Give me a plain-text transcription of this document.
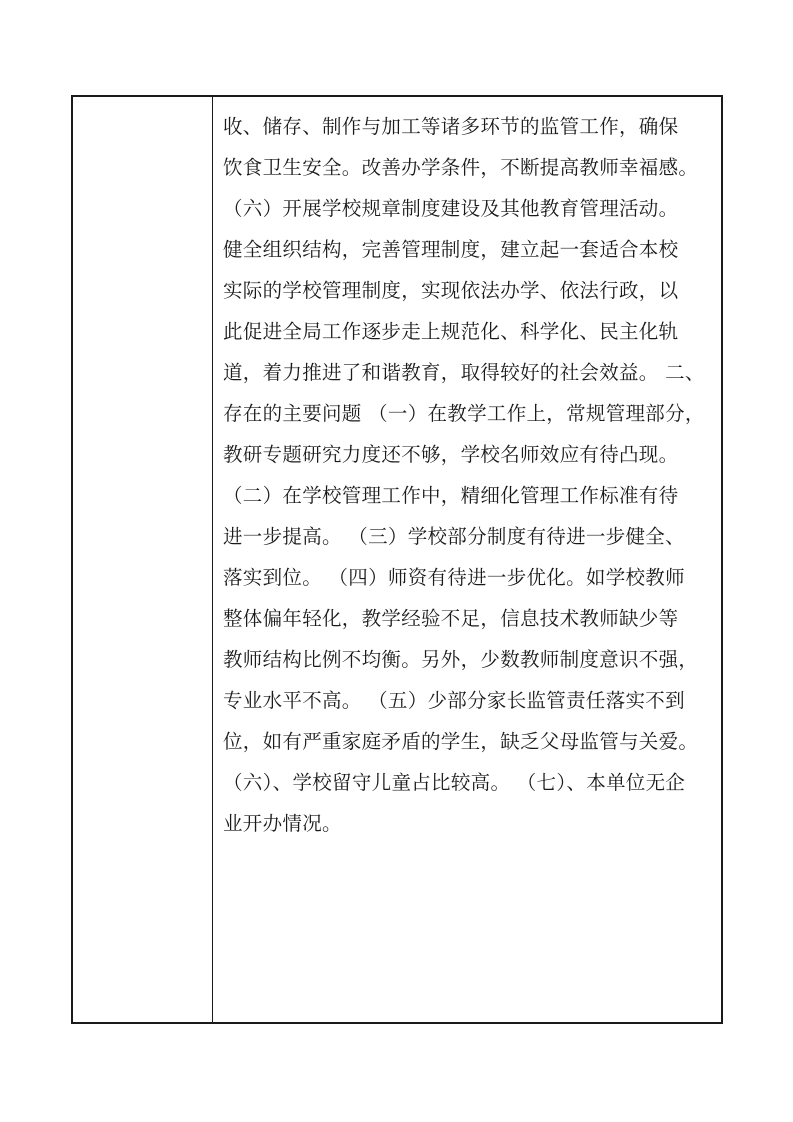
收、储存、制作与加工等诸多环节的监管工作，确保
饮食卫生安全。改善办学条件，不断提高教师幸福感。
（六）开展学校规章制度建设及其他教育管理活动。
健全组织结构，完善管理制度，建立起一套适合本校
实际的学校管理制度，实现依法办学、依法行政，以
此促进全局工作逐步走上规范化、科学化、民主化轨
道，着力推进了和谐教育，取得较好的社会效益。 二、
存在的主要问题 （一）在教学工作上，常规管理部分，
教研专题研究力度还不够，学校名师效应有待凸现。
（二）在学校管理工作中，精细化管理工作标准有待
进一步提高。 （三）学校部分制度有待进一步健全、
落实到位。 （四）师资有待进一步优化。如学校教师
整体偏年轻化，教学经验不足，信息技术教师缺少等
教师结构比例不均衡。另外，少数教师制度意识不强，
专业水平不高。 （五）少部分家长监管责任落实不到
位，如有严重家庭矛盾的学生，缺乏父母监管与关爱。
（六）、学校留守儿童占比较高。 （七）、本单位无企
业开办情况。
